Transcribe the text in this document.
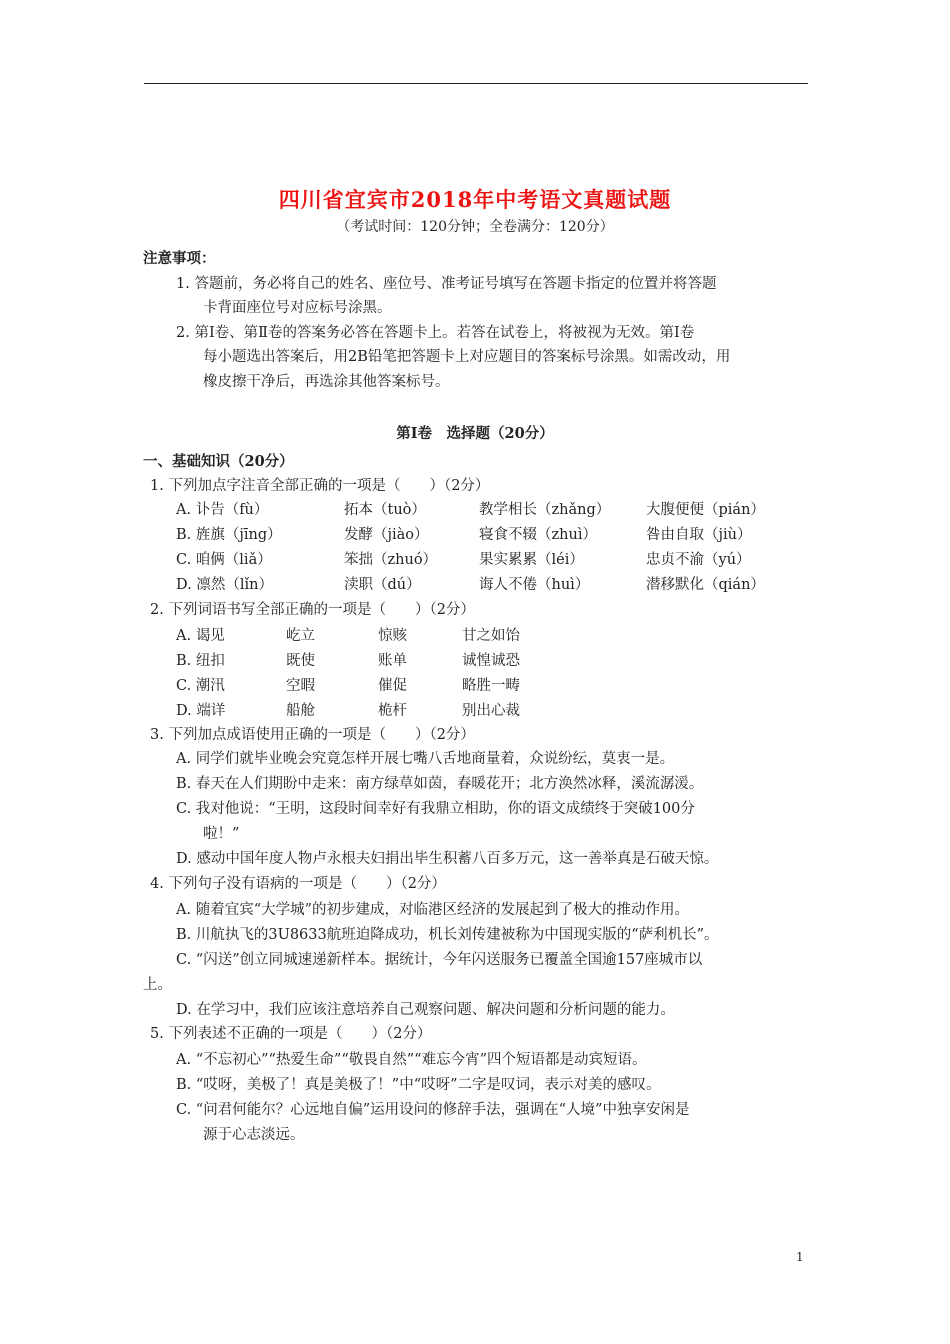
四川省宜宾市2018年中考语文真题试题
（考试时间：120分钟；全卷满分：120分）
注意事项：
1. 答题前，务必将自己的姓名、座位号、准考证号填写在答题卡指定的位置并将答题
卡背面座位号对应标号涂黑。
2. 第Ⅰ卷、第Ⅱ卷的答案务必答在答题卡上。若答在试卷上，将被视为无效。第Ⅰ卷
每小题选出答案后，用2B铅笔把答题卡上对应题目的答案标号涂黑。如需改动，用
橡皮擦干净后，再选涂其他答案标号。
第Ⅰ卷　选择题（20分）
一、基础知识（20分）
1. 下列加点字注音全部正确的一项是（　　）（2分）
A. 讣告（fù）	拓本（tuò）	教学相长（zhǎng） 大腹便便（pián）
B. 旌旗（jīng）	发酵（jiào）	寝食不辍（zhuì）	咎由自取（jiù）
C. 咱俩（liǎ）	笨拙（zhuó）	果实累累（léi）	忠贞不渝（yú）
D. 凛然（lǐn）	渎职（dú）	诲人不倦（huì）	潜移默化（qián）
2. 下列词语书写全部正确的一项是（　　）（2分）
A. 谒见	屹立	惊赅	甘之如饴
B. 纽扣	既使	账单	诚惶诚恐
C. 潮汛	空暇	催促	略胜一畴
D. 端详	船舱	桅杆	别出心裁
3. 下列加点成语使用正确的一项是（　　）（2分）
A. 同学们就毕业晚会究竟怎样开展七嘴八舌地商量着，众说纷纭，莫衷一是。
B. 春天在人们期盼中走来：南方绿草如茵，春暖花开；北方涣然冰释，溪流潺湲。
C. 我对他说：“王明，这段时间幸好有我鼎立相助，你的语文成绩终于突破100分
啦！”
D. 感动中国年度人物卢永根夫妇捐出毕生积蓄八百多万元，这一善举真是石破天惊。
4. 下列句子没有语病的一项是（　　）（2分）
A. 随着宜宾“大学城”的初步建成，对临港区经济的发展起到了极大的推动作用。
B. 川航执飞的3U8633航班迫降成功，机长刘传建被称为中国现实版的“萨利机长”。
C. “闪送”创立同城速递新样本。据统计，今年闪送服务已覆盖全国逾157座城市以
上。
D. 在学习中，我们应该注意培养自己观察问题、解决问题和分析问题的能力。
5. 下列表述不正确的一项是（　　）（2分）
A. “不忘初心”“热爱生命”“敬畏自然”“难忘今宵”四个短语都是动宾短语。
B. “哎呀，美极了！真是美极了！”中“哎呀”二字是叹词，表示对美的感叹。
C. “问君何能尔？心远地自偏”运用设问的修辞手法，强调在“人境”中独享安闲是
源于心志淡远。
1
